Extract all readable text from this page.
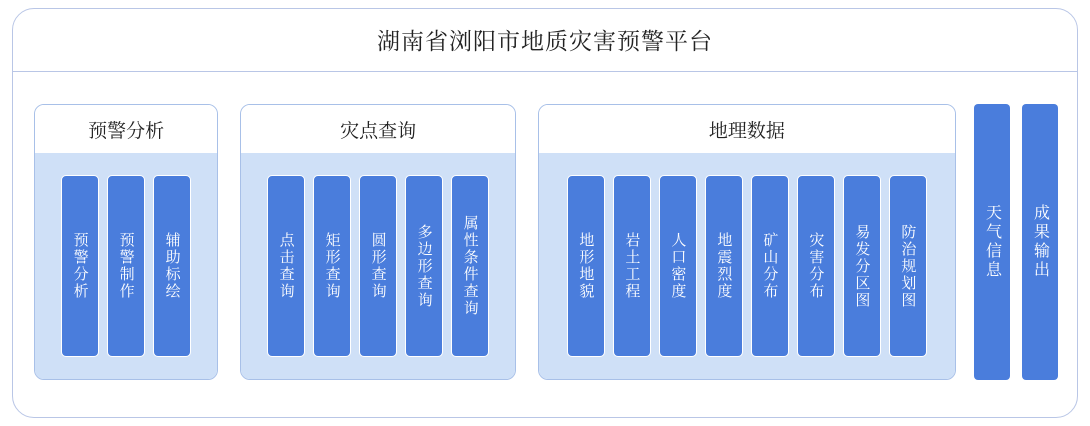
湖南省浏阳市地质灾害预警平台
预警分析
预警分析	预警制作	辅助标绘
灾点查询
点击查询	矩形查询	圆形查询	多边形查询	属性条件查询
地理数据
地形地貌	岩土工程	人口密度	地震烈度	矿山分布	灾害分布	易发分区图	防治规划图	天气信息	成果输出
